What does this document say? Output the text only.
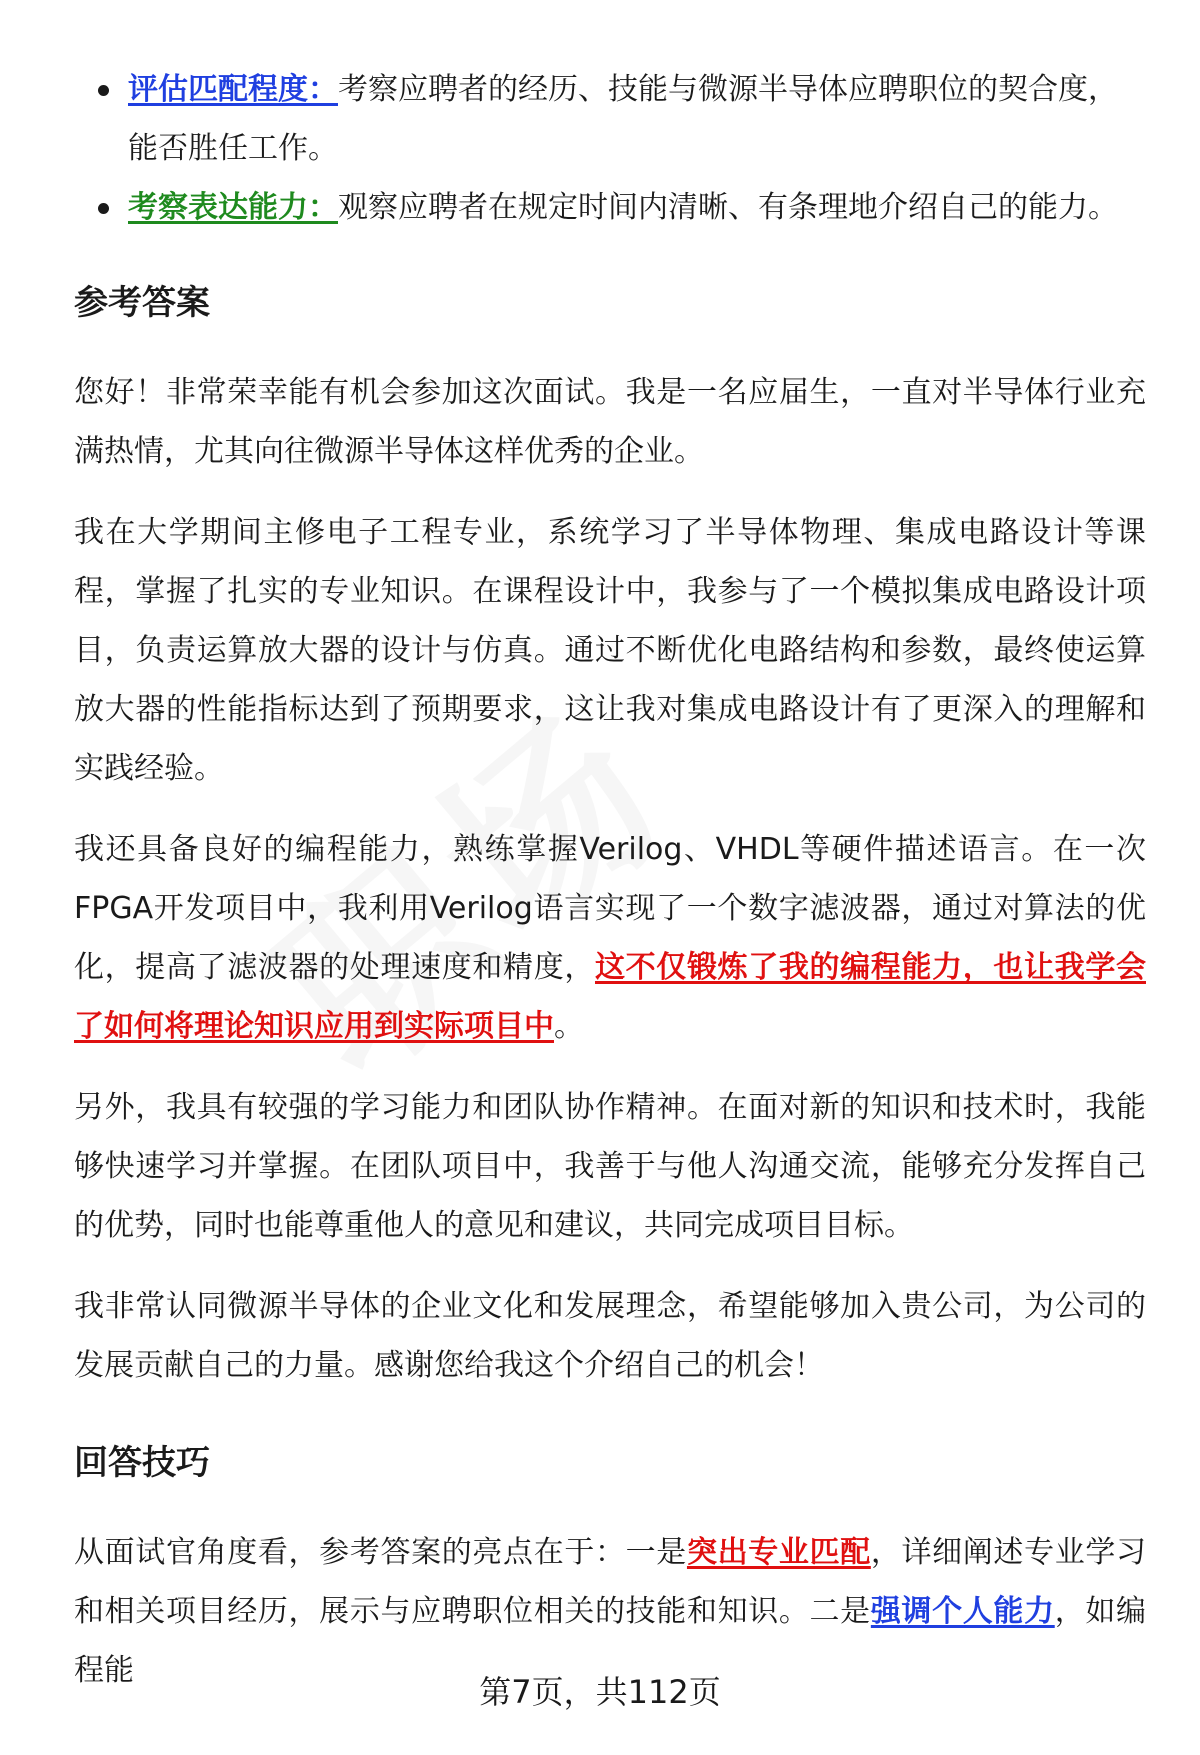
评估匹配程度：考察应聘者的经历、技能与微源半导体应聘职位的契合度，能否胜任工作。
考察表达能力：观察应聘者在规定时间内清晰、有条理地介绍自己的能力。
参考答案

您好！非常荣幸能有机会参加这次面试。我是一名应届生，一直对半导体行业充满热情，尤其向往微源半导体这样优秀的企业。

我在大学期间主修电子工程专业，系统学习了半导体物理、集成电路设计等课程，掌握了扎实的专业知识。在课程设计中，我参与了一个模拟集成电路设计项目，负责运算放大器的设计与仿真。通过不断优化电路结构和参数，最终使运算放大器的性能指标达到了预期要求，这让我对集成电路设计有了更深入的理解和实践经验。

我还具备良好的编程能力，熟练掌握Verilog、VHDL等硬件描述语言。在一次FPGA开发项目中，我利用Verilog语言实现了一个数字滤波器，通过对算法的优化，提高了滤波器的处理速度和精度，这不仅锻炼了我的编程能力，也让我学会了如何将理论知识应用到实际项目中。

另外，我具有较强的学习能力和团队协作精神。在面对新的知识和技术时，我能够快速学习并掌握。在团队项目中，我善于与他人沟通交流，能够充分发挥自己的优势，同时也能尊重他人的意见和建议，共同完成项目目标。

我非常认同微源半导体的企业文化和发展理念，希望能够加入贵公司，为公司的发展贡献自己的力量。感谢您给我这个介绍自己的机会！

回答技巧

从面试官角度看，参考答案的亮点在于：一是突出专业匹配，详细阐述专业学习和相关项目经历，展示与应聘职位相关的技能和知识。二是强调个人能力，如编程能

第7页，共112页
